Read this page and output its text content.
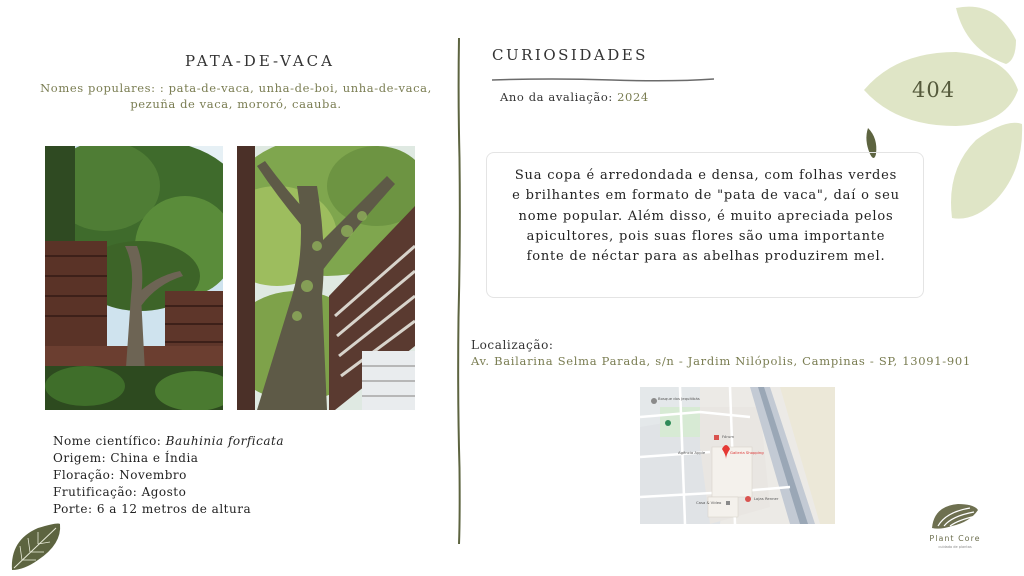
PATA-DE-VACA
Nomes populares: : pata-de-vaca, unha-de-boi, unha-de-vaca, pezuña de vaca, mororó, caauba.
Nome científico: Bauhinia forficata
Origem: China e Índia
Floração: Novembro
Frutificação: Agosto
Porte: 6 a 12 metros de altura
CURIOSIDADES
Ano da avaliação: 2024	404
Sua copa é arredondada e densa, com folhas verdes e brilhantes em formato de "pata de vaca", daí o seu nome popular. Além disso, é muito apreciada pelos apicultores, pois suas flores são uma importante fonte de néctar para as abelhas produzirem mel.
Localização:
Av. Bailarina Selma Parada, s/n - Jardim Nilópolis, Campinas - SP, 13091-901
Bosque dos Jequitibás
Galleria Shopping
Fórum
Lojas Renner
Agência Apple
Casa & Vídeo
Plant Core
cuidado de plantas
